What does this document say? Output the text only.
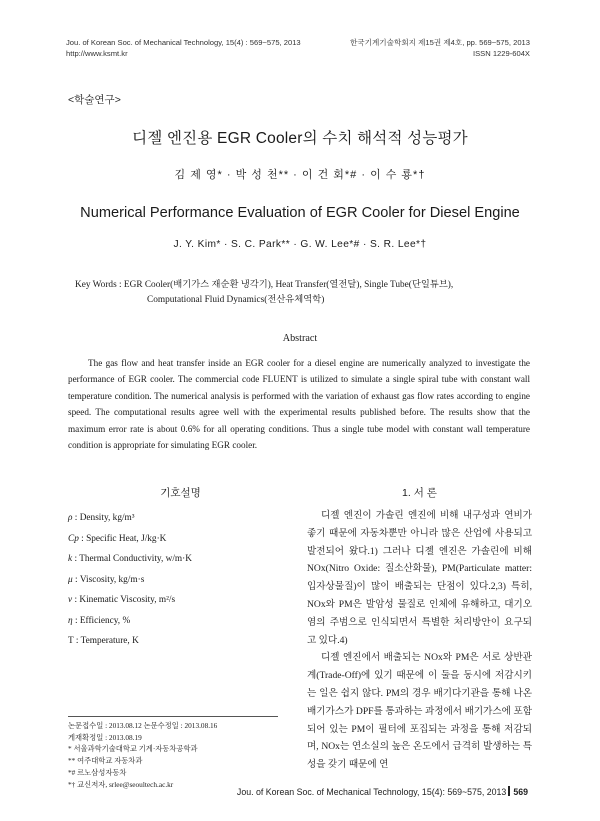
Jou. of Korean Soc. of Mechanical Technology, 15(4) : 569~575, 2013
http://www.ksmt.kr
한국기계기술학회지 제15권 제4호, pp. 569~575, 2013
ISSN 1229-604X
<학술연구>
디젤 엔진용 EGR Cooler의 수치 해석적 성능평가
김 제 영* · 박 성 천** · 이 건 회*# · 이 수 룡*†
Numerical Performance Evaluation of EGR Cooler for Diesel Engine
J. Y. Kim* · S. C. Park** · G. W. Lee*# · S. R. Lee*†
Key Words : EGR Cooler(배기가스 재순환 냉각기), Heat Transfer(열전달), Single Tube(단일튜브),
Computational Fluid Dynamics(전산유체역학)
Abstract

The gas flow and heat transfer inside an EGR cooler for a diesel engine are numerically analyzed to investigate the performance of EGR cooler. The commercial code FLUENT is utilized to simulate a single spiral tube with constant wall temperature condition. The numerical analysis is performed with the variation of exhaust gas flow rates according to engine speed. The computational results agree well with the experimental results published before. The results show that the maximum error rate is about 0.6% for all operating conditions. Thus a single tube model with constant wall temperature condition is appropriate for simulating EGR cooler.

기호설명
ρ : Density, kg/m³
Cp : Specific Heat, J/kg·K
k : Thermal Conductivity, w/m·K
μ : Viscosity, kg/m·s
ν : Kinematic Viscosity, m²/s
η : Efficiency, %
T : Temperature, K
논문접수일 : 2013.08.12 논문수정일 : 2013.08.16
게재확정일 : 2013.08.19
* 서울과학기술대학교 기계·자동차공학과
** 여주대학교 자동차과
*# 르노삼성자동차
*† 교신저자, srlee@seoultech.ac.kr
1. 서 론

디젤 엔진이 가솔린 엔진에 비해 내구성과 연비가 좋기 때문에 자동차뿐만 아니라 많은 산업에 사용되고 발전되어 왔다.1) 그러나 디젤 엔진은 가솔린에 비해 NOx(Nitro Oxide: 질소산화물), PM(Particulate matter: 입자상물질)이 많이 배출되는 단점이 있다.2,3) 특히, NOx와 PM은 발암성 물질로 인체에 유해하고, 대기오염의 주범으로 인식되면서 특별한 처리방안이 요구되고 있다.4)

디젤 엔진에서 배출되는 NOx와 PM은 서로 상반관계(Trade-Off)에 있기 때문에 이 둘을 동시에 저감시키는 일은 쉽지 않다. PM의 경우 배기다기관을 통해 나온 배기가스가 DPF를 통과하는 과정에서 배기가스에 포함되어 있는 PM이 필터에 포집되는 과정을 통해 저감되며, NOx는 연소실의 높은 온도에서 급격히 발생하는 특성을 갖기 때문에 연

Jou. of Korean Soc. of Mechanical Technology, 15(4): 569~575, 2013 569
